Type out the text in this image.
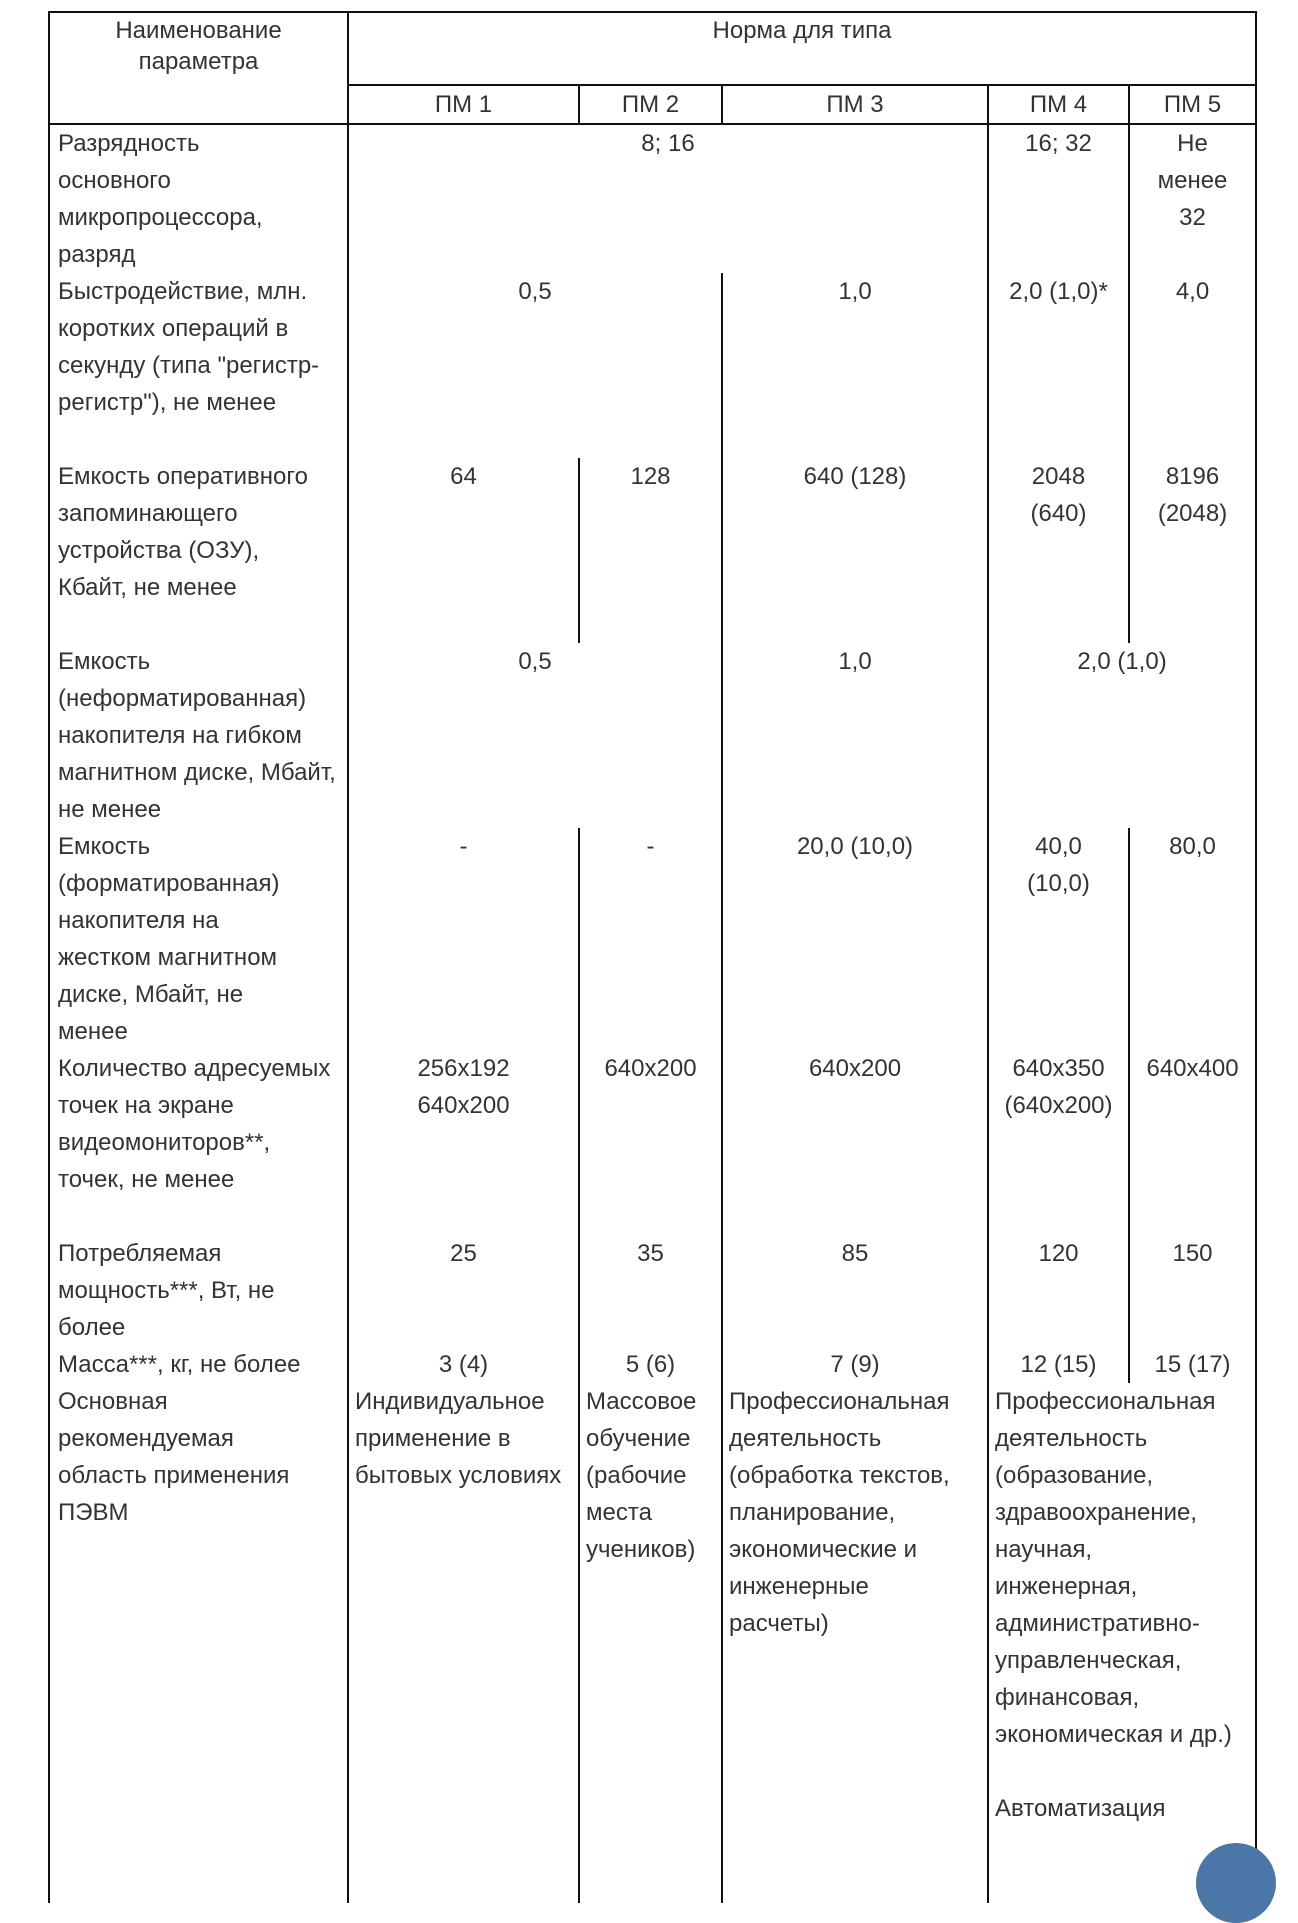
Наименование параметра	Норма для типа				
	ПМ 1	ПМ 2	ПМ 3	ПМ 4	ПМ 5

Разрядность основного микропроцессора, разряд	8; 16			16; 32	Не менее 32

Быстродействие, млн. коротких операций в секунду (типа "регистр-регистр"), не менее	0,5		1,0	2,0 (1,0)*	4,0

Емкость оперативного запоминающего устройства (ОЗУ), Кбайт, не менее	64	128	640 (128)	2048 (640)	8196 (2048)

Емкость (неформатированная) накопителя на гибком магнитном диске, Мбайт, не менее	0,5		1,0	2,0 (1,0)	

Емкость (форматированная) накопителя на жестком магнитном диске, Мбайт, не менее	-	-	20,0 (10,0)	40,0 (10,0)	80,0

Количество адресуемых точек на экране видеомониторов**, точек, не менее	256x192 640x200	640x200	640x200	640x350 (640x200)	640x400

Потребляемая мощность***, Вт, не более	25	35	85	120	150
Масса***, кг, не более	3 (4)	5 (6)	7 (9)	12 (15)	15 (17)

Основная рекомендуемая область применения ПЭВМ	Индивидуальное применение в бытовых условиях	Массовое обучение (рабочие места учеников)	Профессиональная деятельность (обработка текстов, планирование, экономические и инженерные расчеты)	Профессиональная деятельность (образование, здравоохранение, научная, инженерная, административно-управленческая, финансовая, экономическая и др.)
Автоматизация	
